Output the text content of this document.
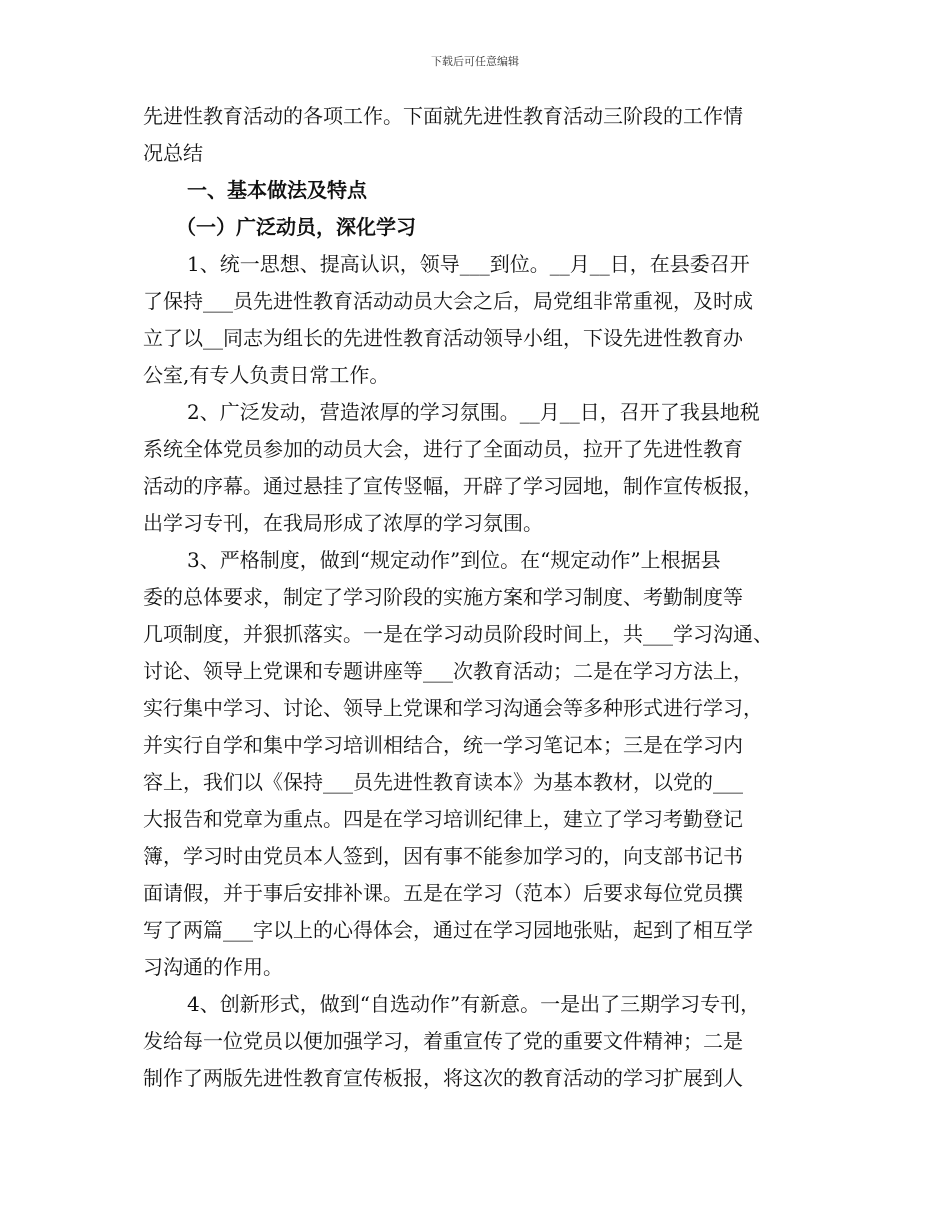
下载后可任意编辑
先进性教育活动的各项工作。下面就先进性教育活动三阶段的工作情
况总结
一、基本做法及特点
（一）广泛动员，深化学习
1、统一思想、提高认识，领导___到位。__月__日，在县委召开
了保持___员先进性教育活动动员大会之后，局党组非常重视，及时成
立了以__同志为组长的先进性教育活动领导小组，下设先进性教育办
公室,有专人负责日常工作。
2、广泛发动，营造浓厚的学习氛围。__月__日，召开了我县地税
系统全体党员参加的动员大会，进行了全面动员，拉开了先进性教育
活动的序幕。通过悬挂了宣传竖幅，开辟了学习园地，制作宣传板报，
出学习专刊，在我局形成了浓厚的学习氛围。
3、严格制度，做到“规定动作”到位。在“规定动作”上根据县
委的总体要求，制定了学习阶段的实施方案和学习制度、考勤制度等
几项制度，并狠抓落实。一是在学习动员阶段时间上，共___学习沟通、
讨论、领导上党课和专题讲座等___次教育活动；二是在学习方法上，
实行集中学习、讨论、领导上党课和学习沟通会等多种形式进行学习，
并实行自学和集中学习培训相结合，统一学习笔记本；三是在学习内
容上，我们以《保持___员先进性教育读本》为基本教材，以党的___
大报告和党章为重点。四是在学习培训纪律上，建立了学习考勤登记
簿，学习时由党员本人签到，因有事不能参加学习的，向支部书记书
面请假，并于事后安排补课。五是在学习（范本）后要求每位党员撰
写了两篇___字以上的心得体会，通过在学习园地张贴，起到了相互学
习沟通的作用。
4、创新形式，做到“自选动作”有新意。一是出了三期学习专刊，
发给每一位党员以便加强学习，着重宣传了党的重要文件精神；二是
制作了两版先进性教育宣传板报，将这次的教育活动的学习扩展到人
